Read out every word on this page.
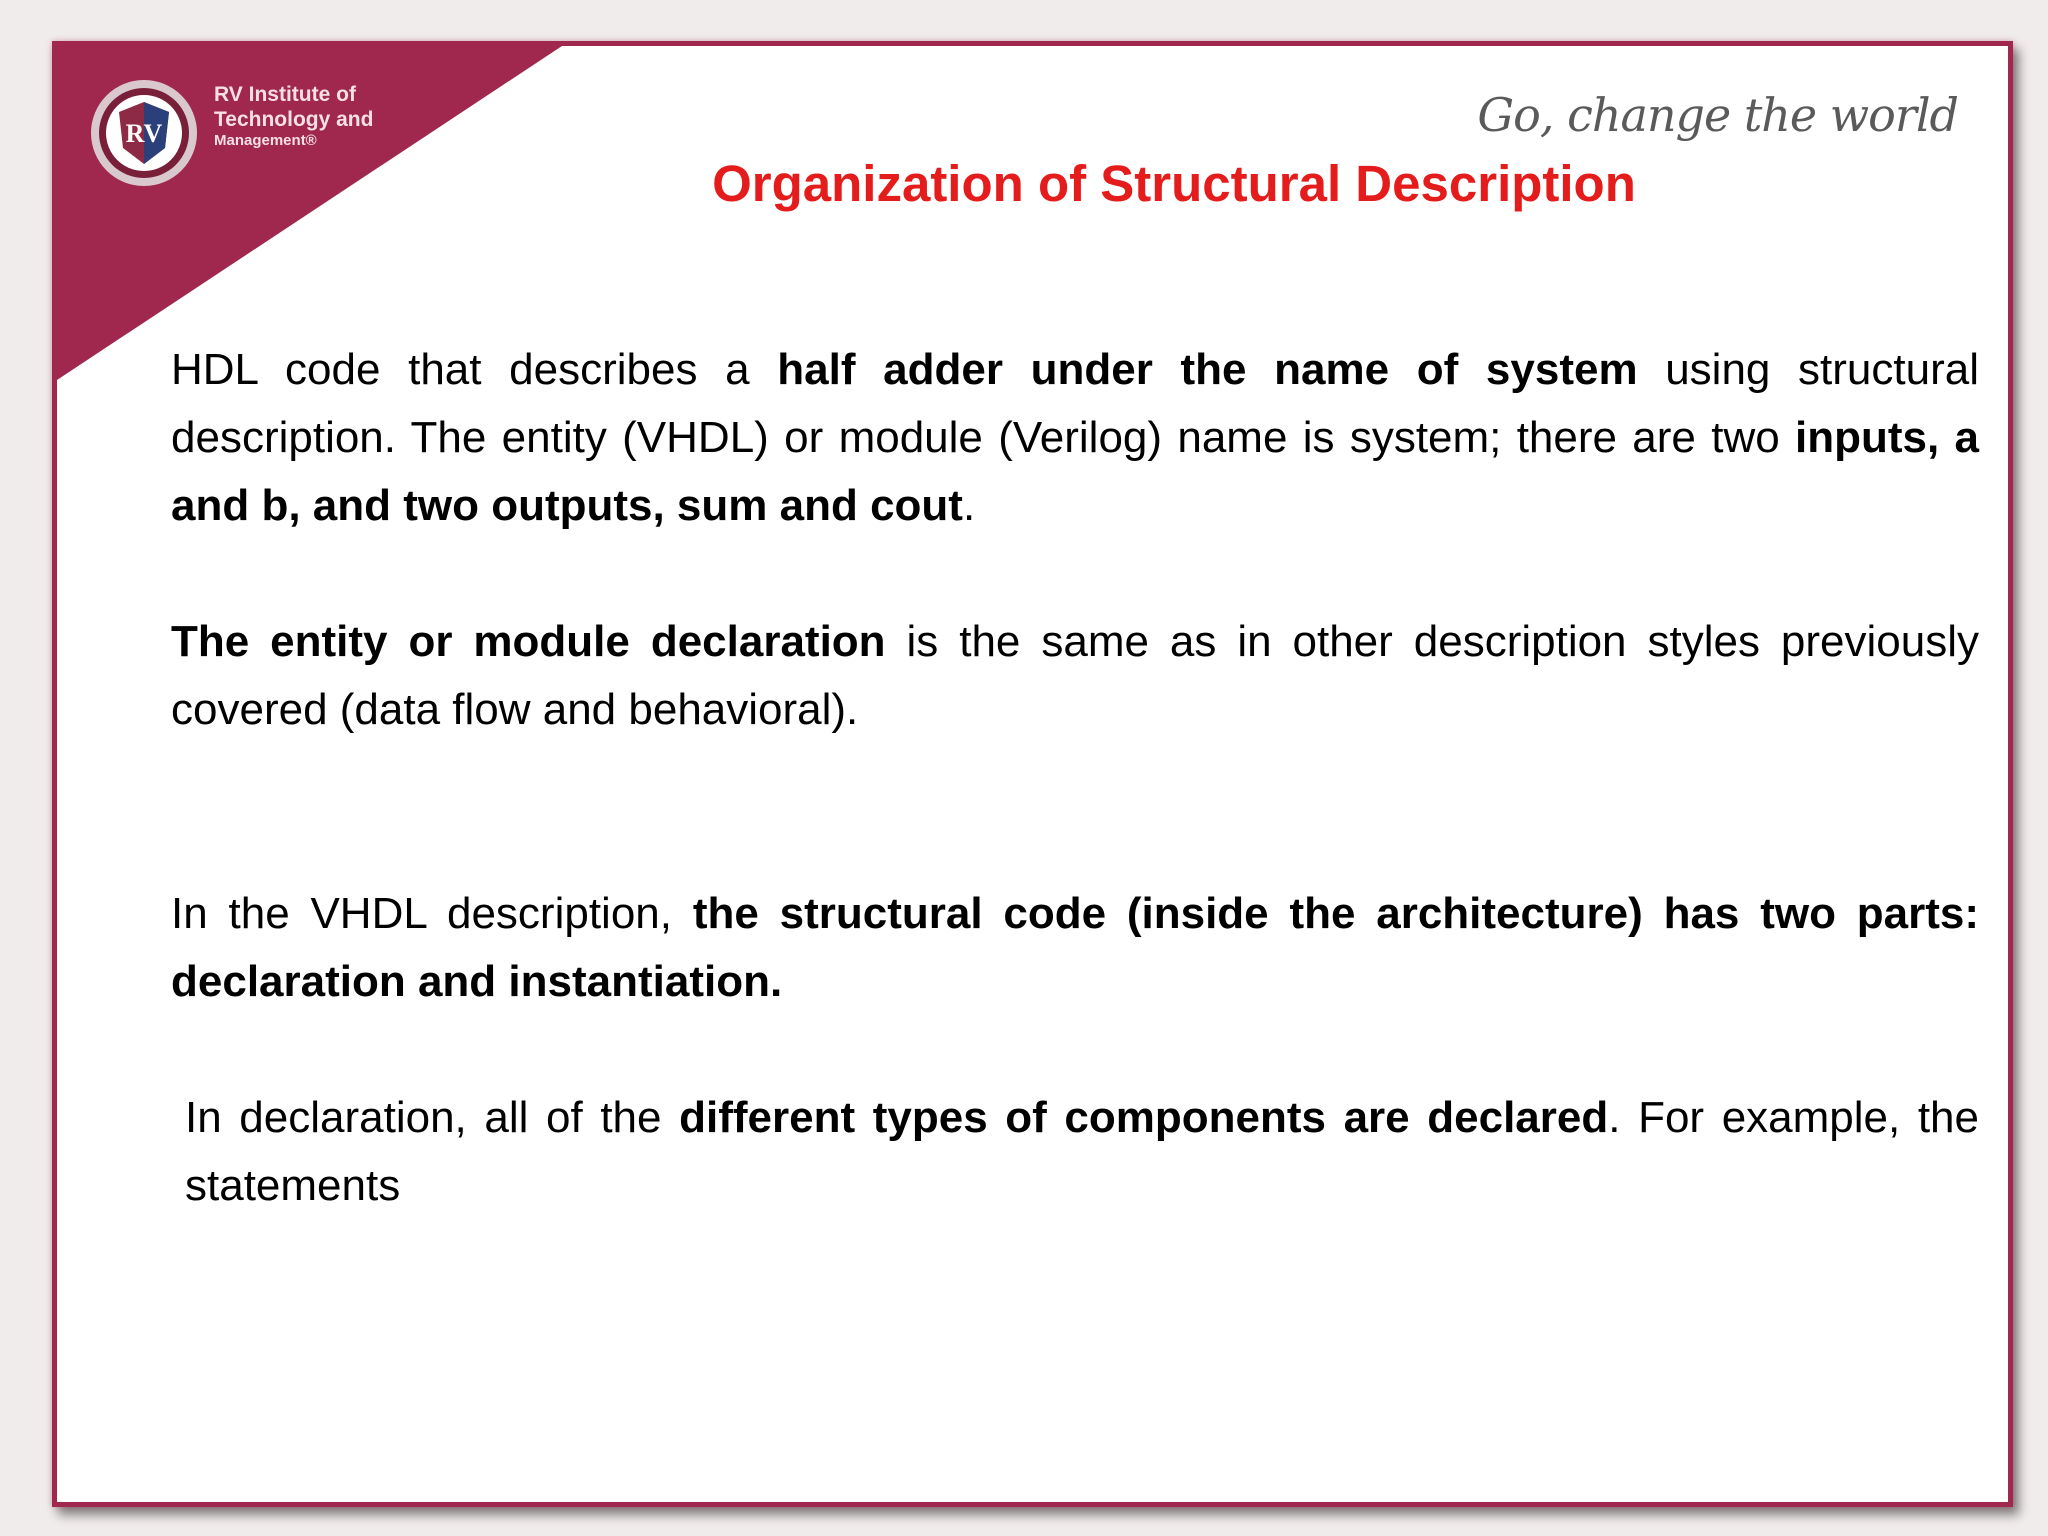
RV
RV Institute of
Technology and
Management®	Go, change the world
Organization of Structural Description

HDL code that describes a half adder under the name of system using structural description. The entity (VHDL) or module (Verilog) name is system; there are two inputs, a and b, and two outputs, sum and cout.

The entity or module declaration is the same as in other description styles previously covered (data flow and behavioral).

In the VHDL description, the structural code (inside the architecture) has two parts: declaration and instantiation.

In declaration, all of the different types of components are declared. For example, the statements
